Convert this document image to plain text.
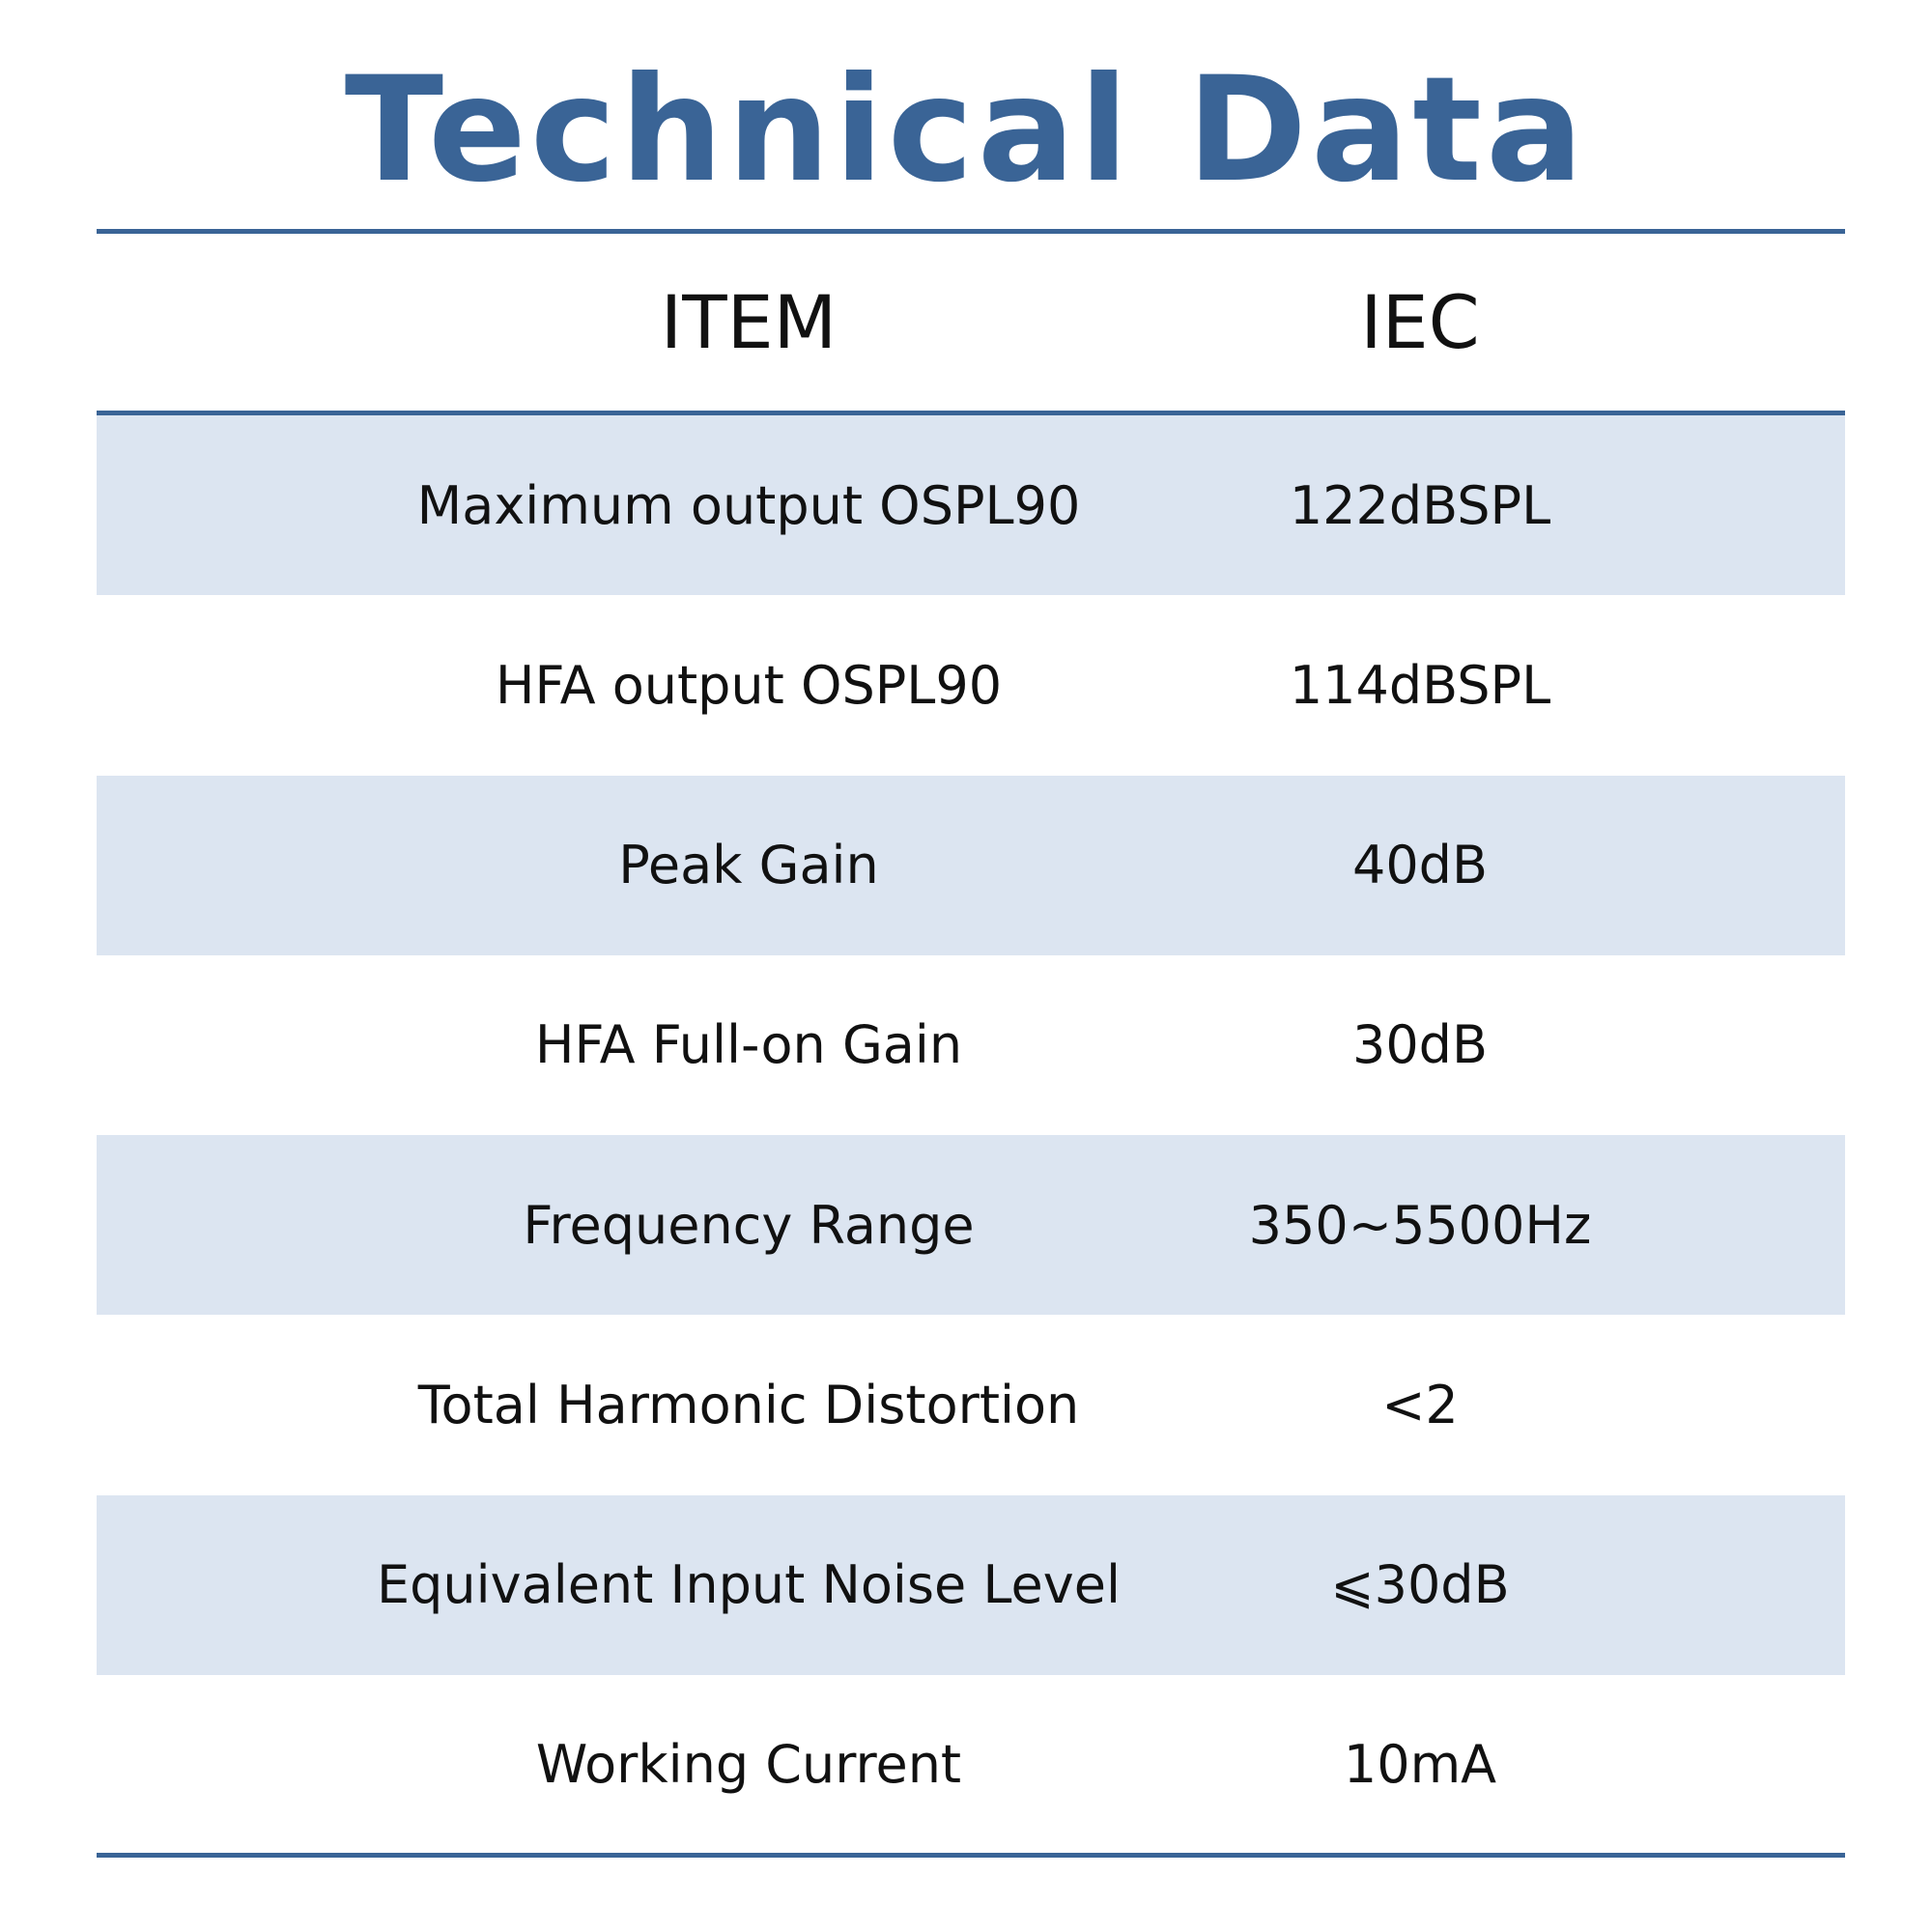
Technical Data
ITEM	IEC
Maximum output OSPL90	122dBSPL
HFA output OSPL90	114dBSPL
Peak Gain	40dB
HFA Full-on Gain	30dB
Frequency Range	350~5500Hz
Total Harmonic Distortion	<2
Equivalent Input Noise Level	⩽30dB
Working Current	10mA
